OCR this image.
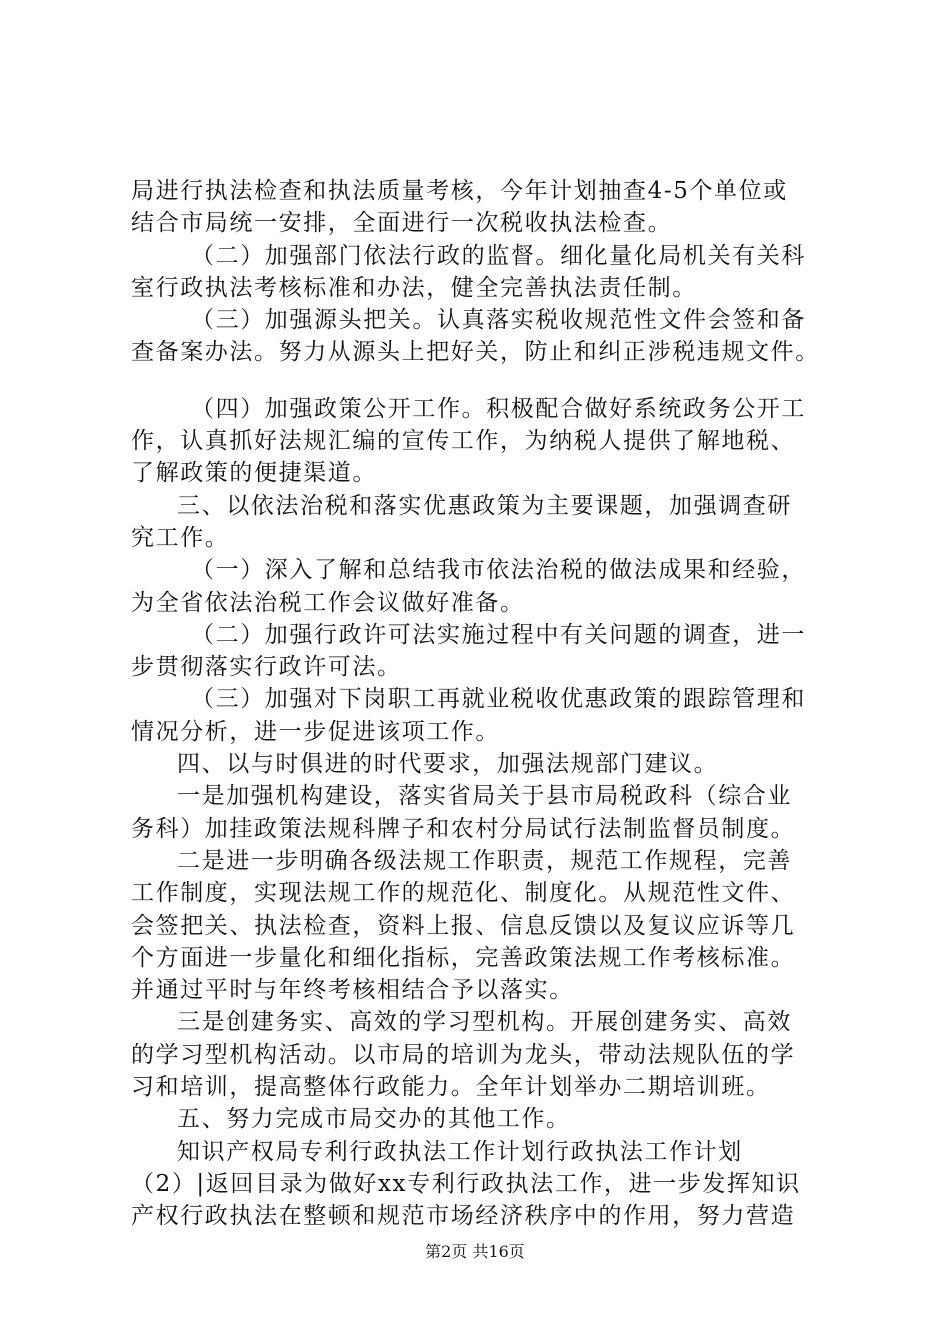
局进行执法检查和执法质量考核，今年计划抽查4-5个单位或
结合市局统一安排，全面进行一次税收执法检查。
（二）加强部门依法行政的监督。细化量化局机关有关科
室行政执法考核标准和办法，健全完善执法责任制。
（三）加强源头把关。认真落实税收规范性文件会签和备
查备案办法。努力从源头上把好关，防止和纠正涉税违规文件。
（四）加强政策公开工作。积极配合做好系统政务公开工
作，认真抓好法规汇编的宣传工作，为纳税人提供了解地税、
了解政策的便捷渠道。
三、以依法治税和落实优惠政策为主要课题，加强调查研
究工作。
（一）深入了解和总结我市依法治税的做法成果和经验，
为全省依法治税工作会议做好准备。
（二）加强行政许可法实施过程中有关问题的调查，进一
步贯彻落实行政许可法。
（三）加强对下岗职工再就业税收优惠政策的跟踪管理和
情况分析，进一步促进该项工作。
四、以与时俱进的时代要求，加强法规部门建议。
一是加强机构建设，落实省局关于县市局税政科（综合业
务科）加挂政策法规科牌子和农村分局试行法制监督员制度。
二是进一步明确各级法规工作职责，规范工作规程，完善
工作制度，实现法规工作的规范化、制度化。从规范性文件、
会签把关、执法检查，资料上报、信息反馈以及复议应诉等几
个方面进一步量化和细化指标，完善政策法规工作考核标准。
并通过平时与年终考核相结合予以落实。
三是创建务实、高效的学习型机构。开展创建务实、高效
的学习型机构活动。以市局的培训为龙头，带动法规队伍的学
习和培训，提高整体行政能力。全年计划举办二期培训班。
五、努力完成市局交办的其他工作。
知识产权局专利行政执法工作计划行政执法工作计划
（2）|返回目录为做好xx专利行政执法工作，进一步发挥知识
产权行政执法在整顿和规范市场经济秩序中的作用，努力营造
第2页 共16页
